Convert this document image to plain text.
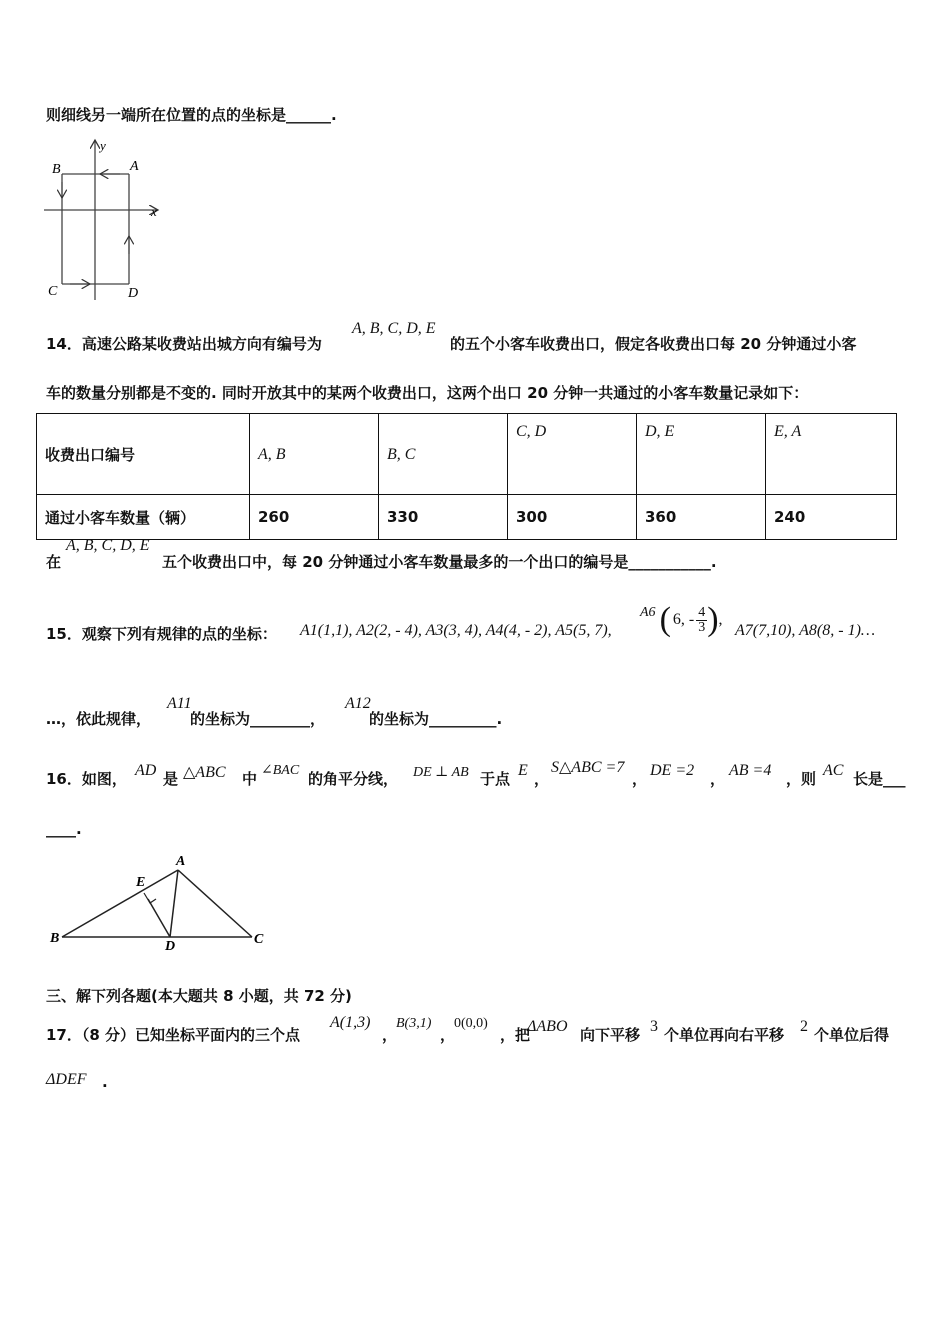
则细线另一端所在位置的点的坐标是______.
y
x
A
B
C	D
14．高速公路某收费站出城方向有编号为
A, B, C, D, E
的五个小客车收费出口，假定各收费出口每 20 分钟通过小客
车的数量分别都是不变的. 同时开放其中的某两个收费出口，这两个出口 20 分钟一共通过的小客车数量记录如下：
收费出口编号	A, B	B, C	C, D	D, E	E, A
通过小客车数量（辆）	260	330	300	360	240
在
A, B, C, D, E
五个收费出口中，每 20 分钟通过小客车数量最多的一个出口的编号是___________.
15．观察下列有规律的点的坐标： A1(1,1), A2(2, - 4), A3(3, 4), A4(4, - 2), A5(5, 7),
A6 ( 6, - $\frac{4}{3}$ ) ,
A7(7,10), A8(8, - 1)…
…，依此规律，
A11
的坐标为________，
A12
的坐标为_________.
16．如图， AD 是 △ABC 中 ∠BAC 的角平分线， DE ⊥ AB 于点 E ，
S△ABC =7
， DE =2 ， AB =4 ，则 AC 长是___
____.
A
E
B
D	C
三、解下列各题(本大题共 8 小题，共 72 分)
17．（8 分）已知坐标平面内的三个点
A(1,3)
，
B(3,1)
，
0(0,0)
，把
ΔABO 向下平移 3 个单位再向右平移 2 个单位后得
ΔDEF .
